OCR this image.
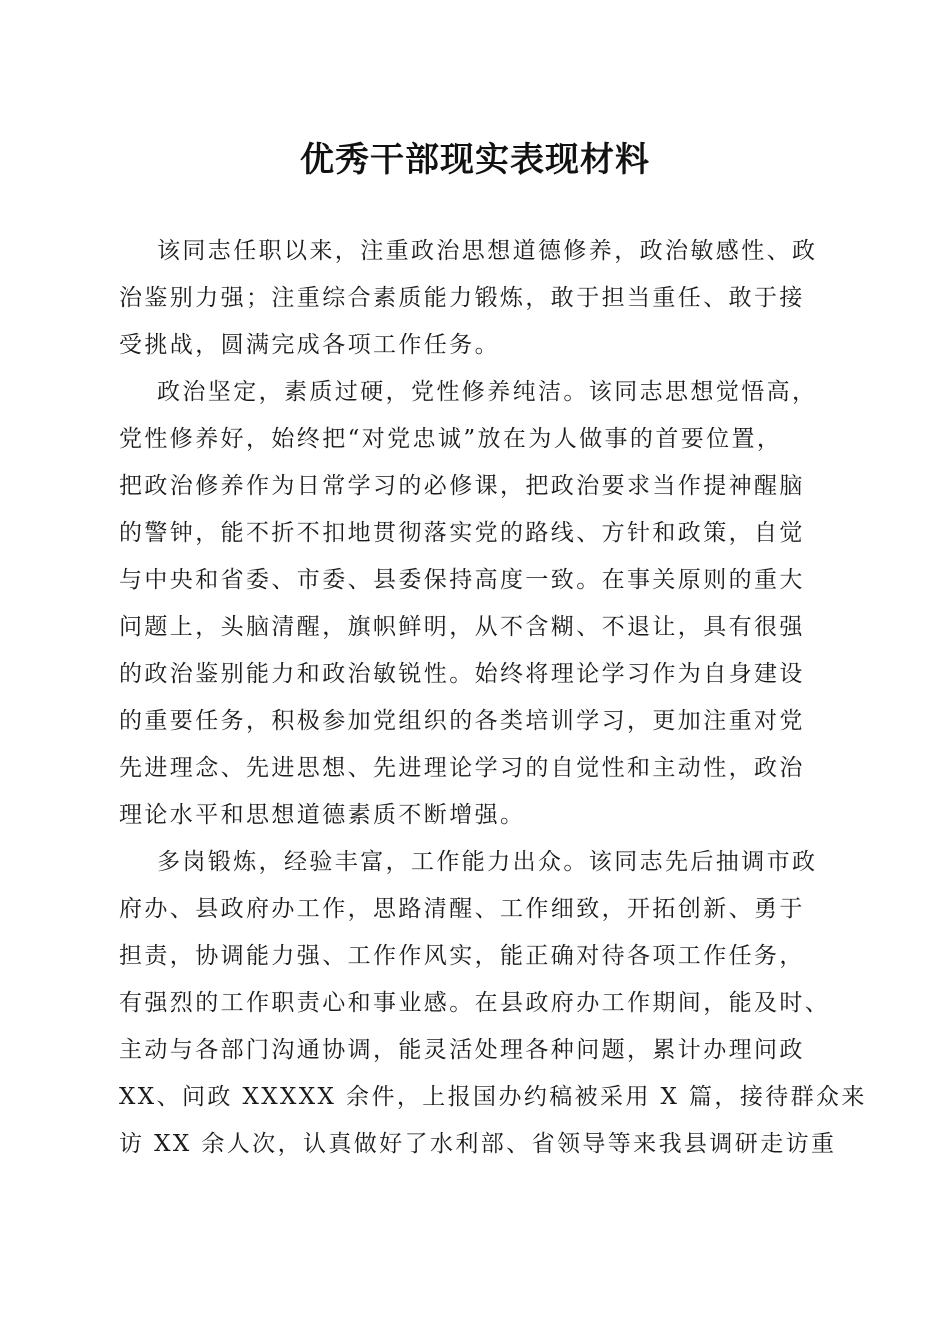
优秀干部现实表现材料
该同志任职以来，注重政治思想道德修养，政治敏感性、政
治鉴别力强；注重综合素质能力锻炼，敢于担当重任、敢于接
受挑战，圆满完成各项工作任务。
政治坚定，素质过硬，党性修养纯洁。该同志思想觉悟高，
党性修养好，始终把“对党忠诚”放在为人做事的首要位置，
把政治修养作为日常学习的必修课，把政治要求当作提神醒脑
的警钟，能不折不扣地贯彻落实党的路线、方针和政策，自觉
与中央和省委、市委、县委保持高度一致。在事关原则的重大
问题上，头脑清醒，旗帜鲜明，从不含糊、不退让，具有很强
的政治鉴别能力和政治敏锐性。始终将理论学习作为自身建设
的重要任务，积极参加党组织的各类培训学习，更加注重对党
先进理念、先进思想、先进理论学习的自觉性和主动性，政治
理论水平和思想道德素质不断增强。
多岗锻炼，经验丰富，工作能力出众。该同志先后抽调市政
府办、县政府办工作，思路清醒、工作细致，开拓创新、勇于
担责，协调能力强、工作作风实，能正确对待各项工作任务，
有强烈的工作职责心和事业感。在县政府办工作期间，能及时、
主动与各部门沟通协调，能灵活处理各种问题，累计办理问政
XX、问政 XXXXX 余件，上报国办约稿被采用 X 篇，接待群众来
访 XX 余人次，认真做好了水利部、省领导等来我县调研走访重
